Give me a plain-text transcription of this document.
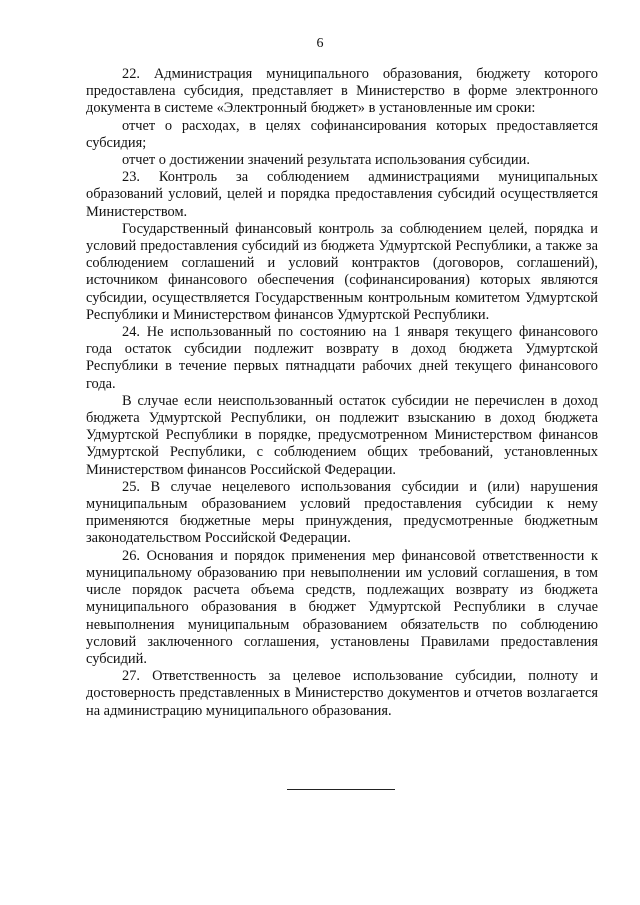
6

22. Администрация муниципального образования, бюджету которого предоставлена субсидия, представляет в Министерство в форме электронного документа в системе «Электронный бюджет» в установленные им сроки:

отчет о расходах, в целях софинансирования которых предоставляется субсидия;

отчет о достижении значений результата использования субсидии.

23. Контроль за соблюдением администрациями муниципальных образований условий, целей и порядка предоставления субсидий осуществляется Министерством.

Государственный финансовый контроль за соблюдением целей, порядка и условий предоставления субсидий из бюджета Удмуртской Республики, а также за соблюдением соглашений и условий контрактов (договоров, соглашений), источником финансового обеспечения (софинансирования) которых являются субсидии, осуществляется Государственным контрольным комитетом Удмуртской Республики и Министерством финансов Удмуртской Республики.

24. Не использованный по состоянию на 1 января текущего финансового года остаток субсидии подлежит возврату в доход бюджета Удмуртской Республики в течение первых пятнадцати рабочих дней текущего финансового года.

В случае если неиспользованный остаток субсидии не перечислен в доход бюджета Удмуртской Республики, он подлежит взысканию в доход бюджета Удмуртской Республики в порядке, предусмотренном Министерством финансов Удмуртской Республики, с соблюдением общих требований, установленных Министерством финансов Российской Федерации.

25. В случае нецелевого использования субсидии и (или) нарушения муниципальным образованием условий предоставления субсидии к нему применяются бюджетные меры принуждения, предусмотренные бюджетным законодательством Российской Федерации.

26. Основания и порядок применения мер финансовой ответственности к муниципальному образованию при невыполнении им условий соглашения, в том числе порядок расчета объема средств, подлежащих возврату из бюджета муниципального образования в бюджет Удмуртской Республики в случае невыполнения муниципальным образованием обязательств по соблюдению условий заключенного соглашения, установлены Правилами предоставления субсидий.

27. Ответственность за целевое использование субсидии, полноту и достоверность представленных в Министерство документов и отчетов возлагается на администрацию муниципального образования.
